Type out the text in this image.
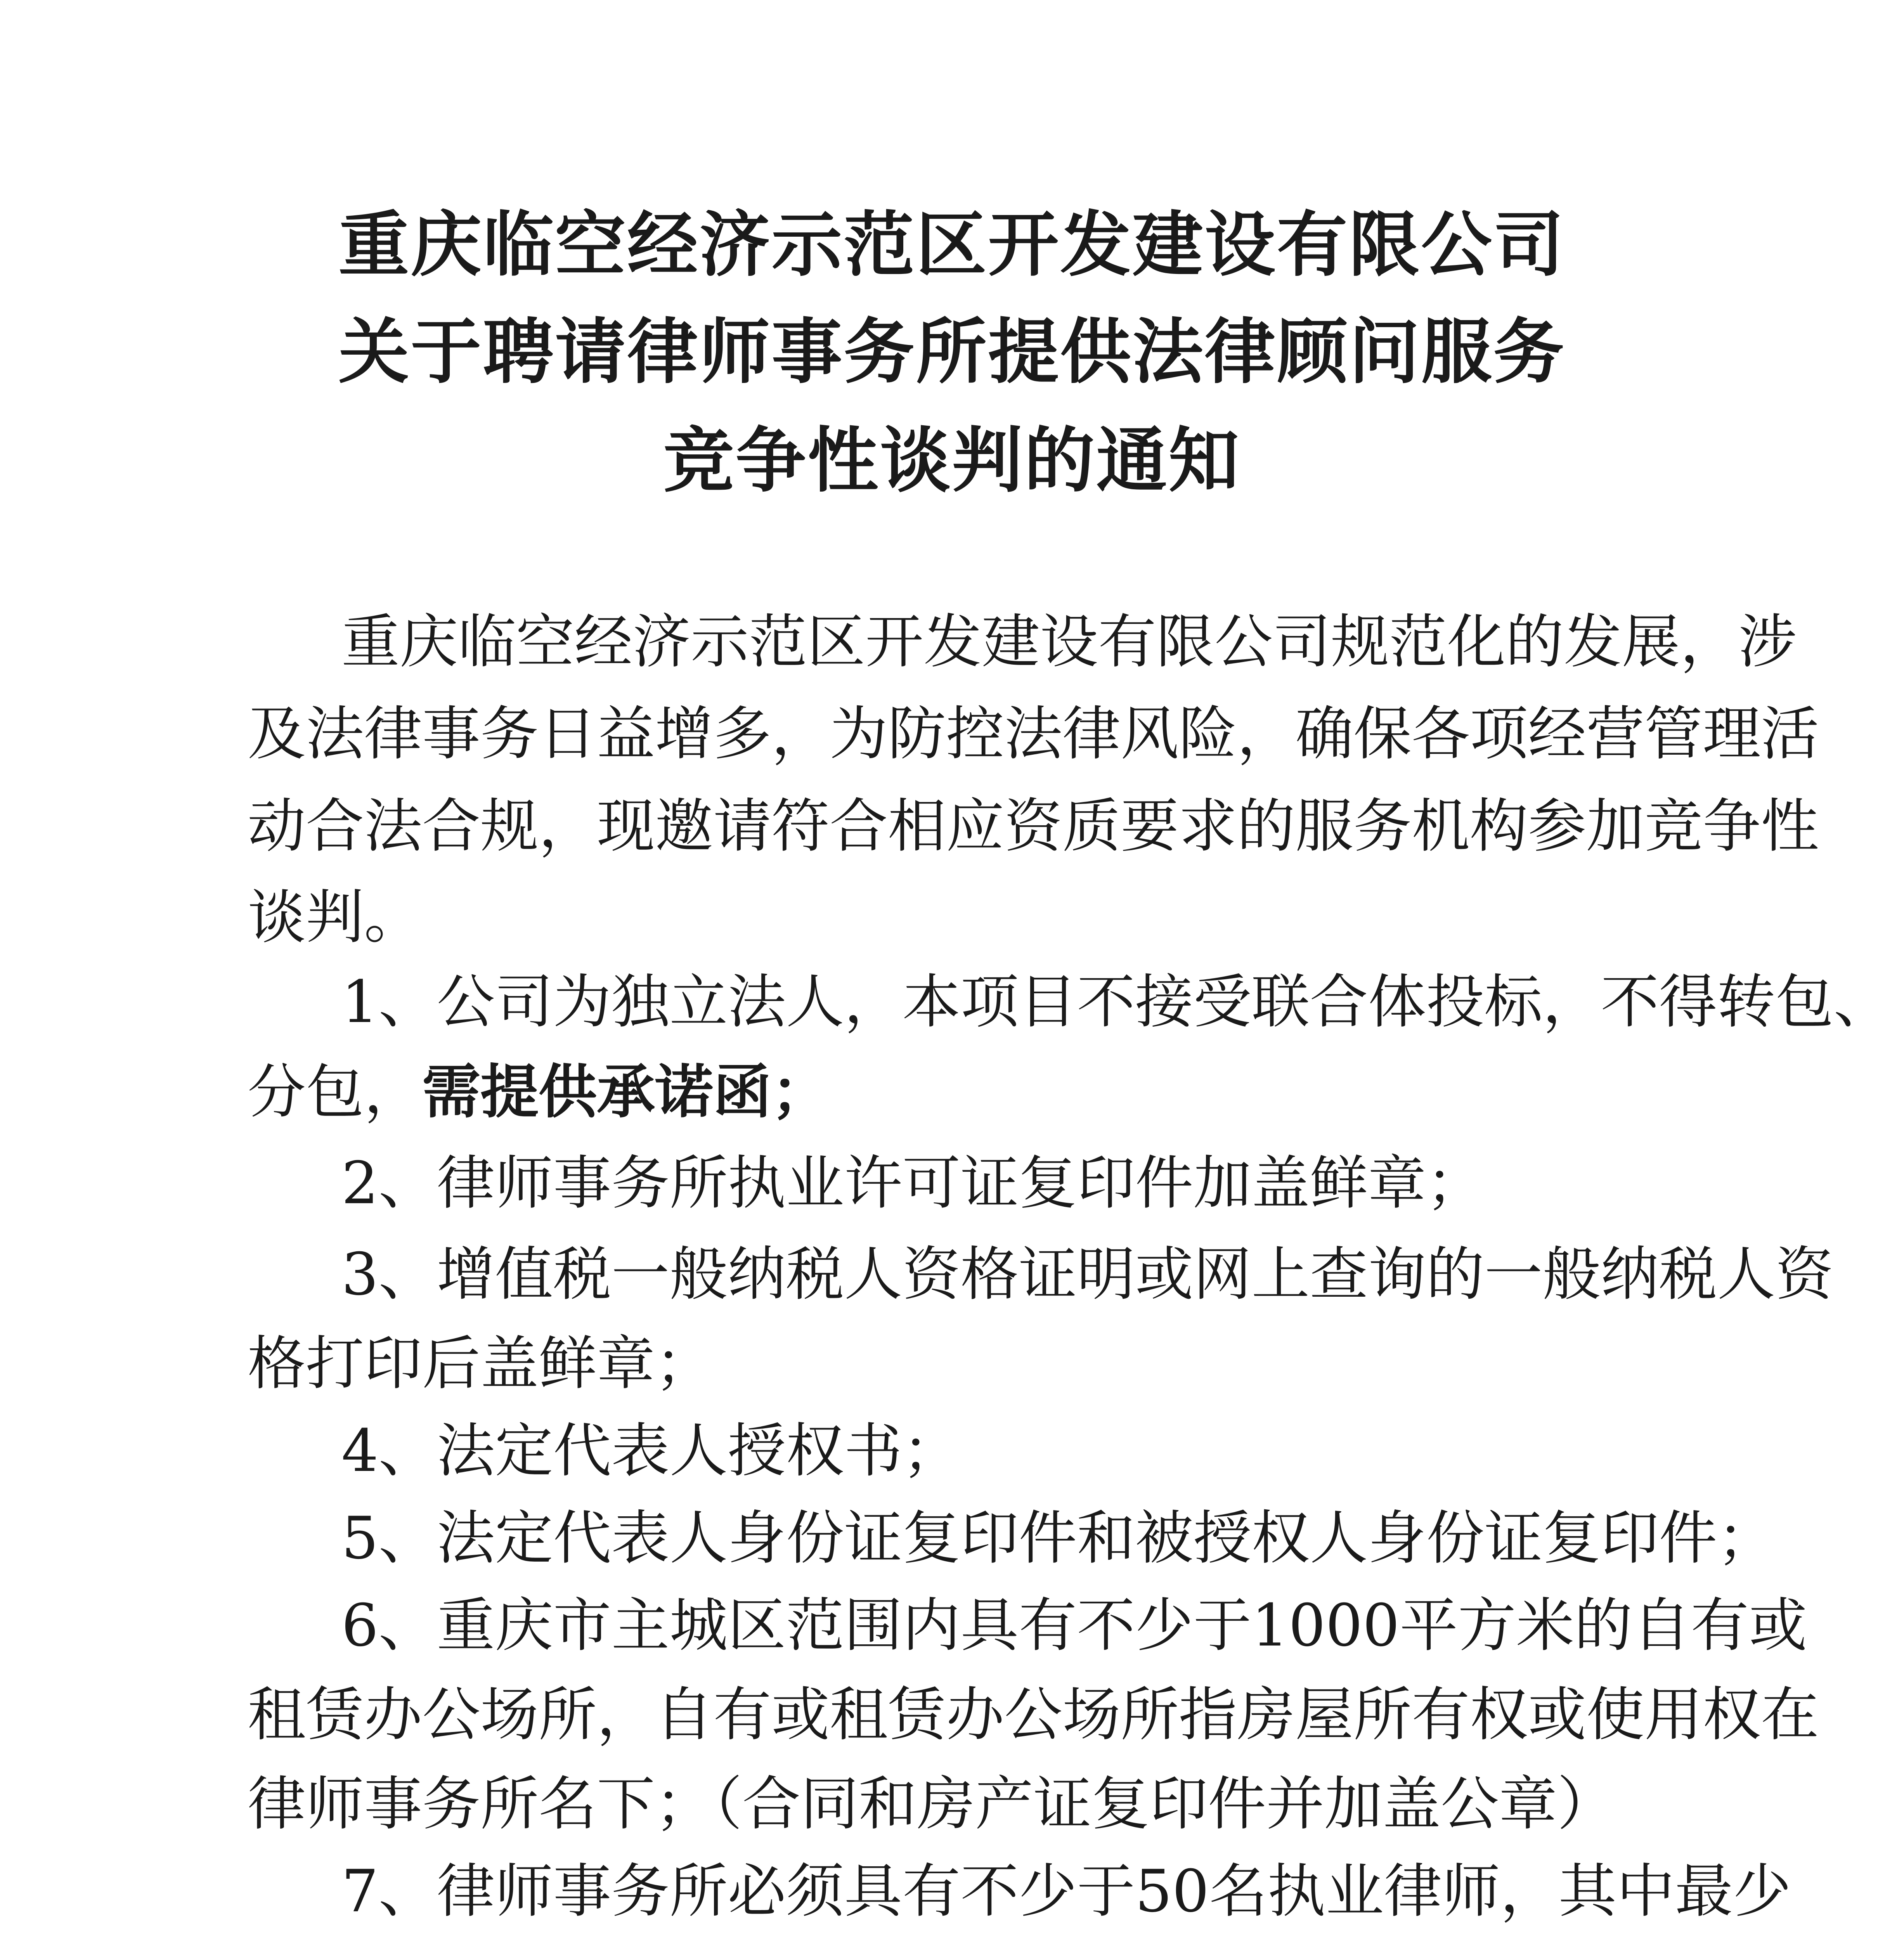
重庆临空经济示范区开发建设有限公司
关于聘请律师事务所提供法律顾问服务
竞争性谈判的通知
重庆临空经济示范区开发建设有限公司规范化的发展，涉
及法律事务日益增多，为防控法律风险，确保各项经营管理活
动合法合规，现邀请符合相应资质要求的服务机构参加竞争性
谈判。
1、公司为独立法人，本项目不接受联合体投标，不得转包、
分包，需提供承诺函；
2、律师事务所执业许可证复印件加盖鲜章；
3、增值税一般纳税人资格证明或网上查询的一般纳税人资
格打印后盖鲜章；
4、法定代表人授权书；
5、法定代表人身份证复印件和被授权人身份证复印件；
6、重庆市主城区范围内具有不少于1000平方米的自有或
租赁办公场所，自有或租赁办公场所指房屋所有权或使用权在
律师事务所名下；（合同和房产证复印件并加盖公章）
7、律师事务所必须具有不少于50名执业律师，其中最少
